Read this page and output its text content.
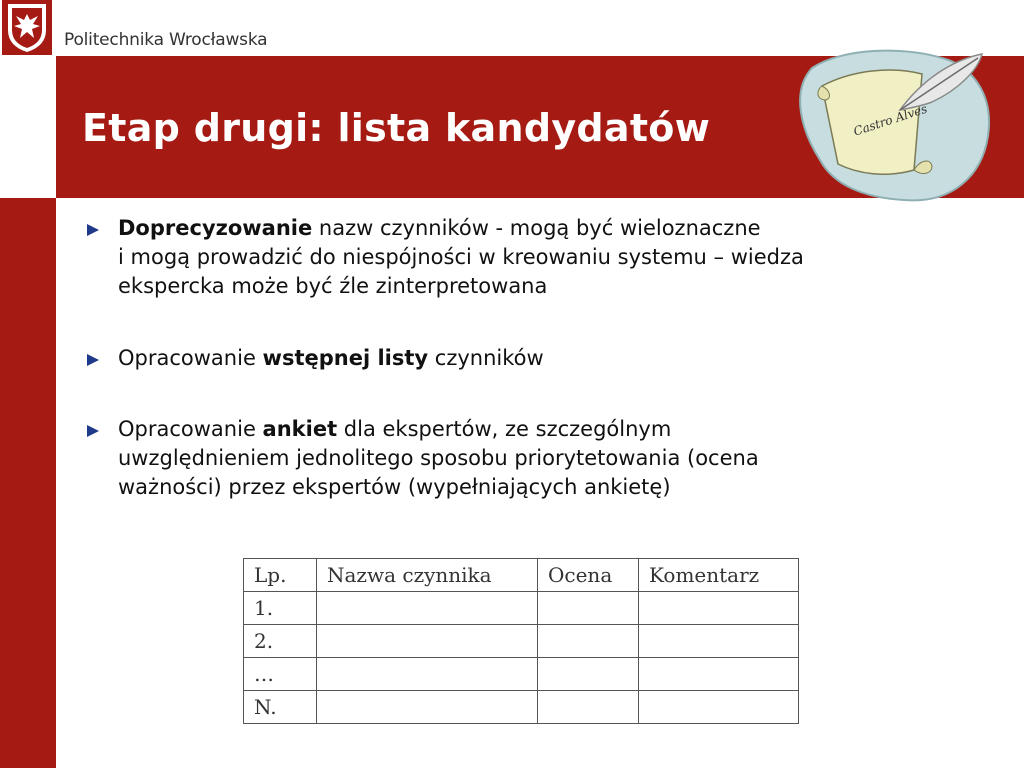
Politechnika Wrocławska
Etap drugi: lista kandydatów	Castro Alves
Doprecyzowanie nazw czynników - mogą być wieloznaczne
i mogą prowadzić do niespójności w kreowaniu systemu – wiedza
ekspercka może być źle zinterpretowana
Opracowanie wstępnej listy czynników
Opracowanie ankiet dla ekspertów, ze szczególnym
uwzględnieniem jednolitego sposobu priorytetowania (ocena
ważności) przez ekspertów (wypełniających ankietę)
Lp.	Nazwa czynnika	Ocena	Komentarz
1.			
2.			
…			
N.			
